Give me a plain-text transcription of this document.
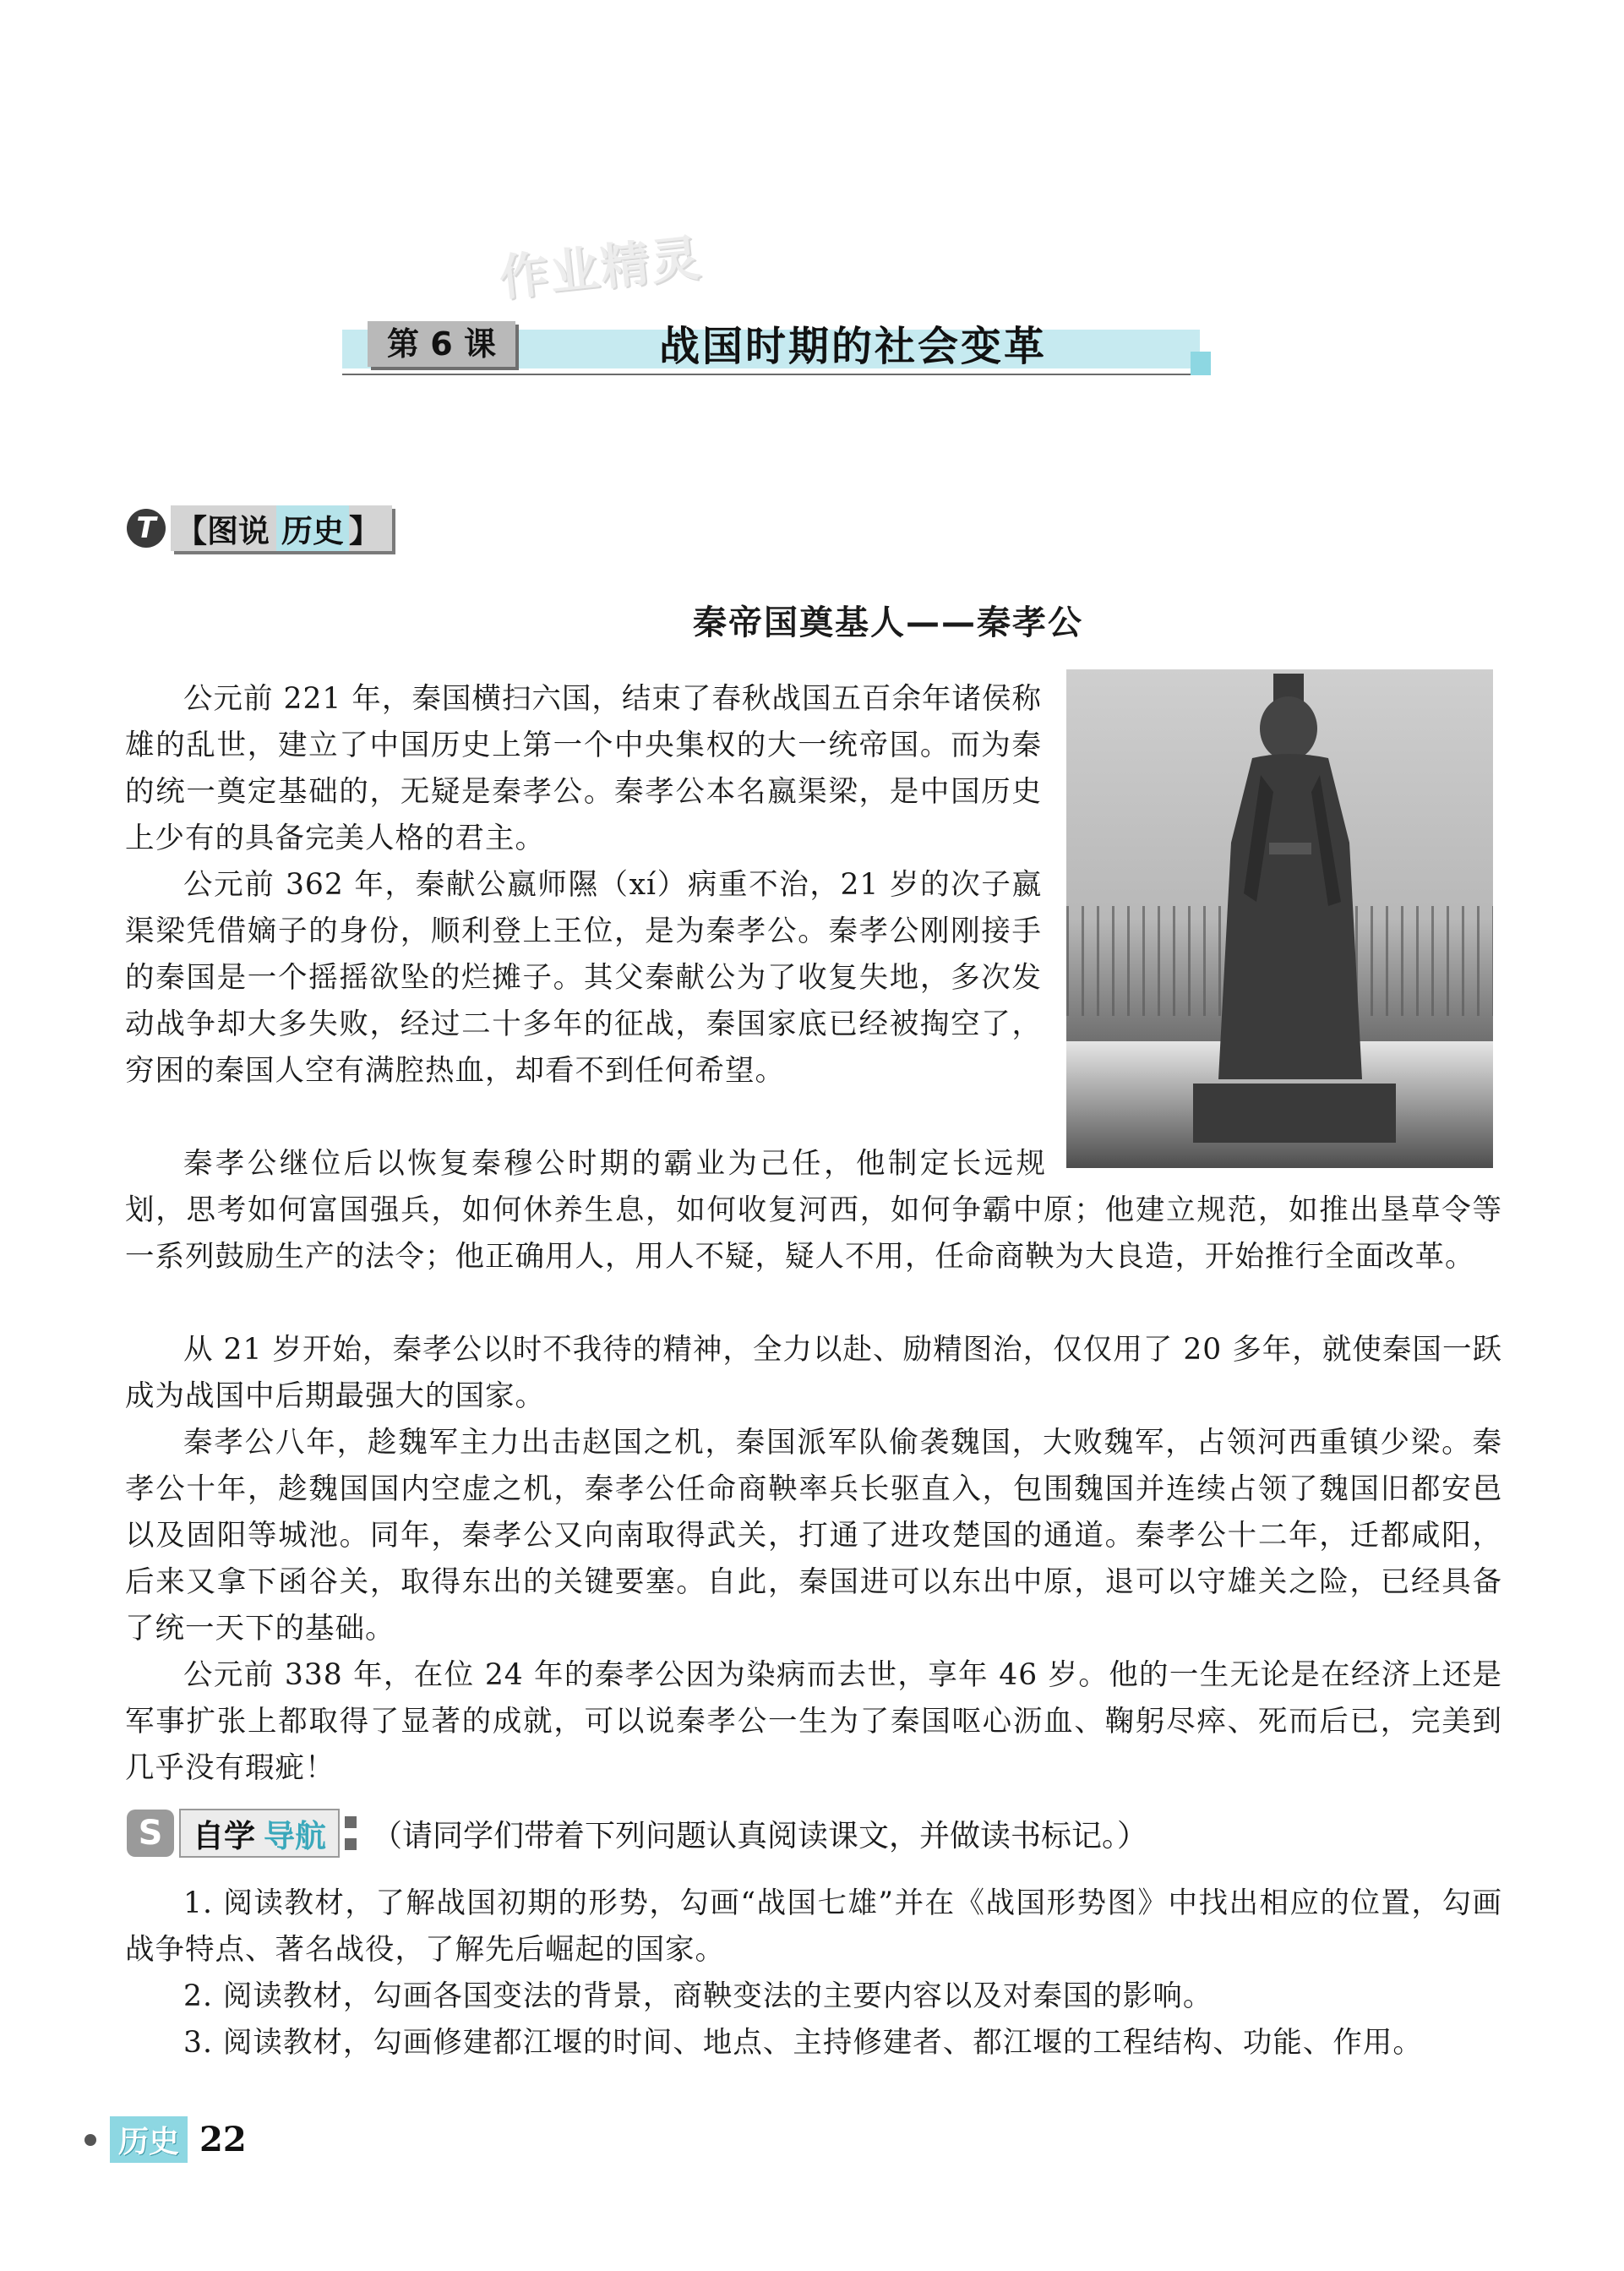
作业精灵
第 6 课	战国时期的社会变革
T 【 图说 历史 】
秦帝国奠基人——秦孝公

公元前 221 年，秦国横扫六国，结束了春秋战国五百余年诸侯称雄的乱世，建立了中国历史上第一个中央集权的大一统帝国。而为秦的统一奠定基础的，无疑是秦孝公。秦孝公本名嬴渠梁，是中国历史上少有的具备完美人格的君主。

公元前 362 年，秦献公嬴师隰（xí）病重不治，21 岁的次子嬴渠梁凭借嫡子的身份，顺利登上王位，是为秦孝公。秦孝公刚刚接手的秦国是一个摇摇欲坠的烂摊子。其父秦献公为了收复失地，多次发动战争却大多失败，经过二十多年的征战，秦国家底已经被掏空了，穷困的秦国人空有满腔热血，却看不到任何希望。

秦孝公继位后以恢复秦穆公时期的霸业为己任，他制定长远规划，思考如何富国强兵，如何休养生息，如何收复河西，如何争霸中原；他建立规范，如推出垦草令等一系列鼓励生产的法令；他正确用人，用人不疑，疑人不用，任命商鞅为大良造，开始推行全面改革。

从 21 岁开始，秦孝公以时不我待的精神，全力以赴、励精图治，仅仅用了 20 多年，就使秦国一跃成为战国中后期最强大的国家。

秦孝公八年，趁魏军主力出击赵国之机，秦国派军队偷袭魏国，大败魏军，占领河西重镇少梁。秦孝公十年，趁魏国国内空虚之机，秦孝公任命商鞅率兵长驱直入，包围魏国并连续占领了魏国旧都安邑以及固阳等城池。同年，秦孝公又向南取得武关，打通了进攻楚国的通道。秦孝公十二年，迁都咸阳，后来又拿下函谷关，取得东出的关键要塞。自此，秦国进可以东出中原，退可以守雄关之险，已经具备了统一天下的基础。

公元前 338 年，在位 24 年的秦孝公因为染病而去世，享年 46 岁。他的一生无论是在经济上还是军事扩张上都取得了显著的成就，可以说秦孝公一生为了秦国呕心沥血、鞠躬尽瘁、死而后已，完美到几乎没有瑕疵！

S 自学 导航 （请同学们带着下列问题认真阅读课文，并做读书标记。）

1. 阅读教材，了解战国初期的形势，勾画“战国七雄”并在《战国形势图》中找出相应的位置，勾画战争特点、著名战役，了解先后崛起的国家。

2. 阅读教材，勾画各国变法的背景，商鞅变法的主要内容以及对秦国的影响。

3. 阅读教材，勾画修建都江堰的时间、地点、主持修建者、都江堰的工程结构、功能、作用。

历史 22
